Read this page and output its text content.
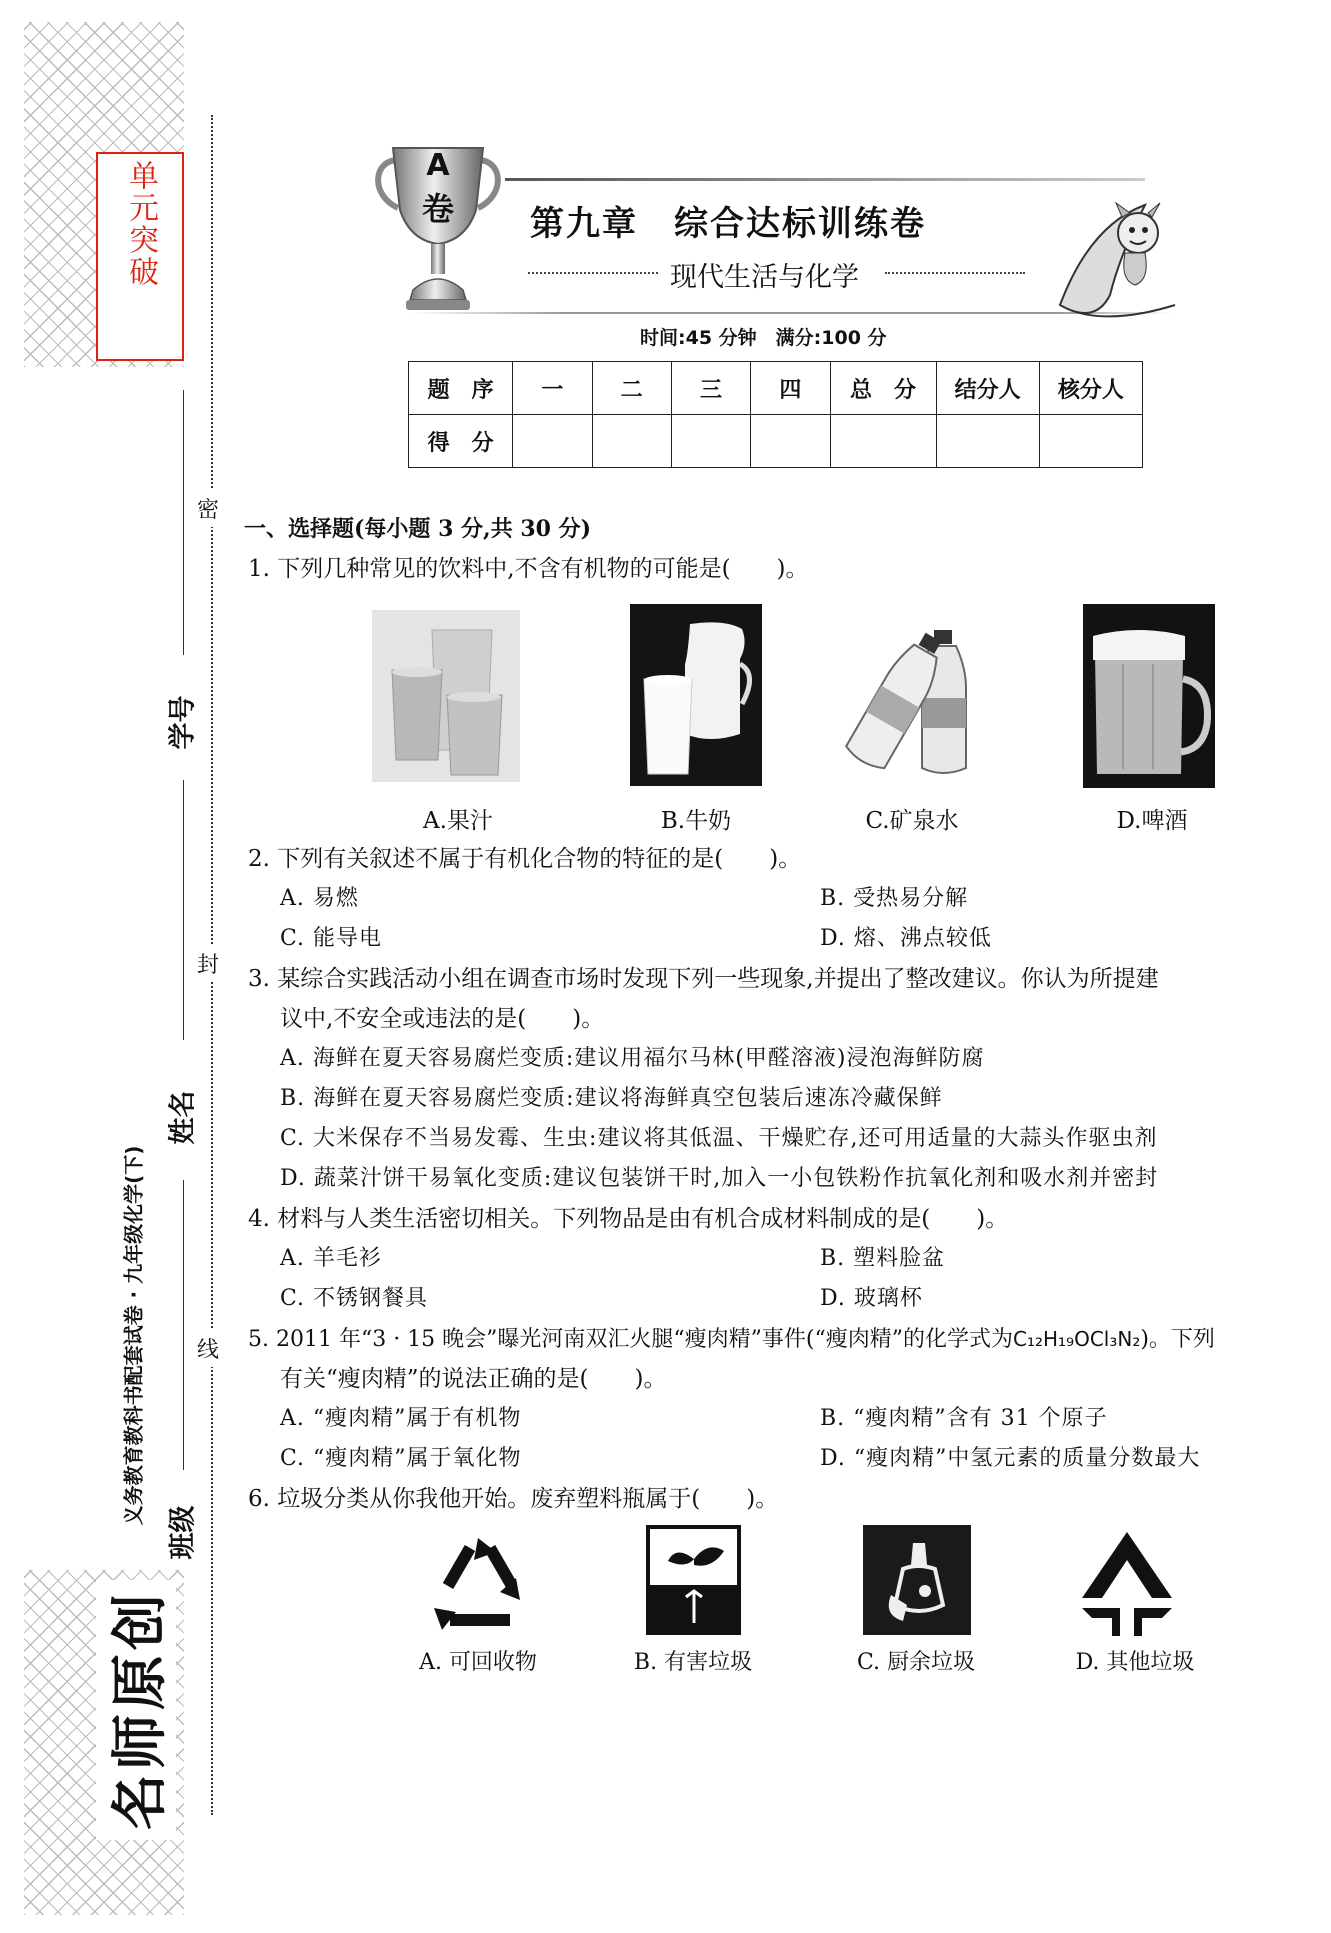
单元突破
密
封
线
学号
姓名
班级
义务教育教科书配套试卷 · 九年级化学(下)
名师原创
A
卷 第九章　综合达标训练卷
现代生活与化学
时间:45 分钟　满分:100 分
题　序	一	二	三	四	总　分	结分人	核分人
得　分							
一、选择题(每小题 3 分,共 30 分)
1. 下列几种常见的饮料中,不含有机物的可能是(　　)。
A.果汁	B.牛奶	C.矿泉水	D.啤酒
2. 下列有关叙述不属于有机化合物的特征的是(　　)。
A. 易燃	B. 受热易分解
C. 能导电	D. 熔、沸点较低
3. 某综合实践活动小组在调查市场时发现下列一些现象,并提出了整改建议。你认为所提建
议中,不安全或违法的是(　　)。
A. 海鲜在夏天容易腐烂变质:建议用福尔马林(甲醛溶液)浸泡海鲜防腐
B. 海鲜在夏天容易腐烂变质:建议将海鲜真空包装后速冻冷藏保鲜
C. 大米保存不当易发霉、生虫:建议将其低温、干燥贮存,还可用适量的大蒜头作驱虫剂
D. 蔬菜汁饼干易氧化变质:建议包装饼干时,加入一小包铁粉作抗氧化剂和吸水剂并密封
4. 材料与人类生活密切相关。下列物品是由有机合成材料制成的是(　　)。
A. 羊毛衫	B. 塑料脸盆
C. 不锈钢餐具	D. 玻璃杯
5. 2011 年“3 · 15 晚会”曝光河南双汇火腿“瘦肉精”事件(“瘦肉精”的化学式为C₁₂H₁₉OCl₃N₂)。下列
有关“瘦肉精”的说法正确的是(　　)。
A. “瘦肉精”属于有机物	B. “瘦肉精”含有 31 个原子
C. “瘦肉精”属于氧化物	D. “瘦肉精”中氢元素的质量分数最大
6. 垃圾分类从你我他开始。废弃塑料瓶属于(　　)。
A. 可回收物	B. 有害垃圾	C. 厨余垃圾	D. 其他垃圾
